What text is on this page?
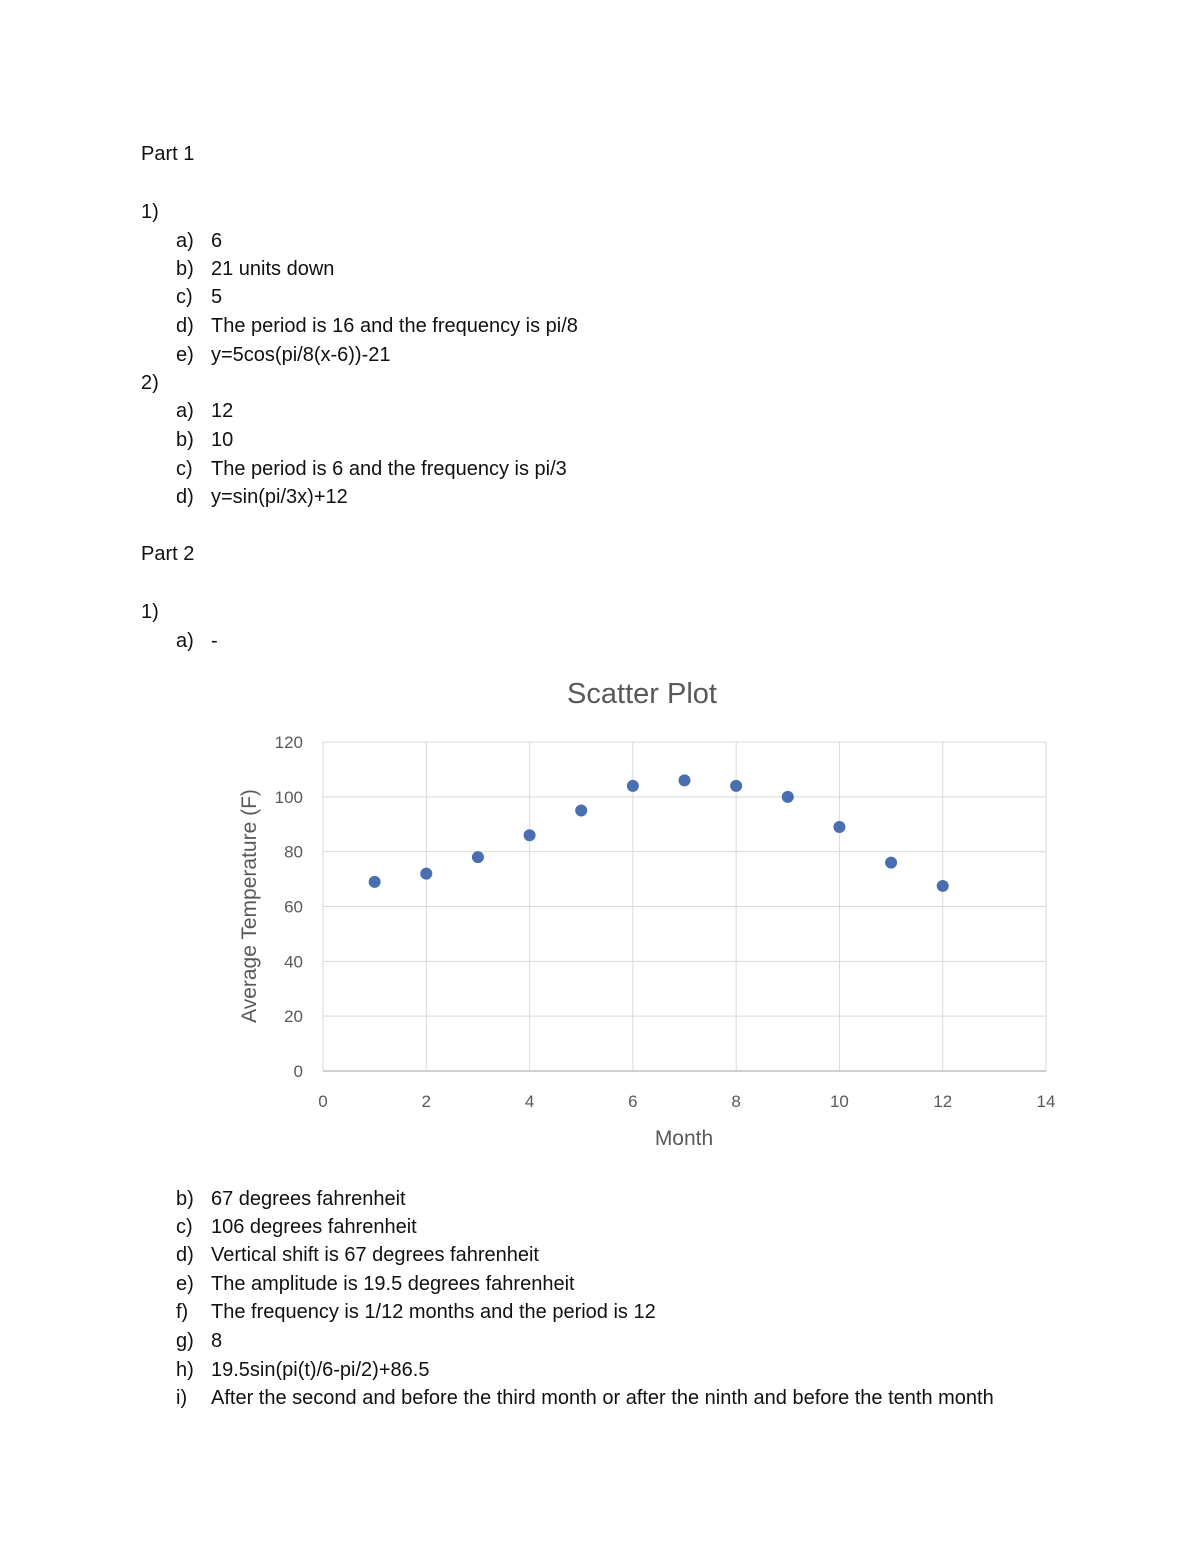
Part 1
1)
a) 6
b) 21 units down
c) 5
d) The period is 16 and the frequency is pi/8
e) y=5cos(pi/8(x-6))-21
2)
a) 12
b) 10
c) The period is 6 and the frequency is pi/3
d) y=sin(pi/3x)+12
Part 2
1)
a) -
0	2	4	6	8	10	12	14
0
20
40
60
80
100
120
Scatter Plot
Month
Average Temperature (F)
b) 67 degrees fahrenheit
c) 106 degrees fahrenheit
d) Vertical shift is 67 degrees fahrenheit
e) The amplitude is 19.5 degrees fahrenheit
f) The frequency is 1/12 months and the period is 12
g) 8
h) 19.5sin(pi(t)/6-pi/2)+86.5
i) After the second and before the third month or after the ninth and before the tenth month
